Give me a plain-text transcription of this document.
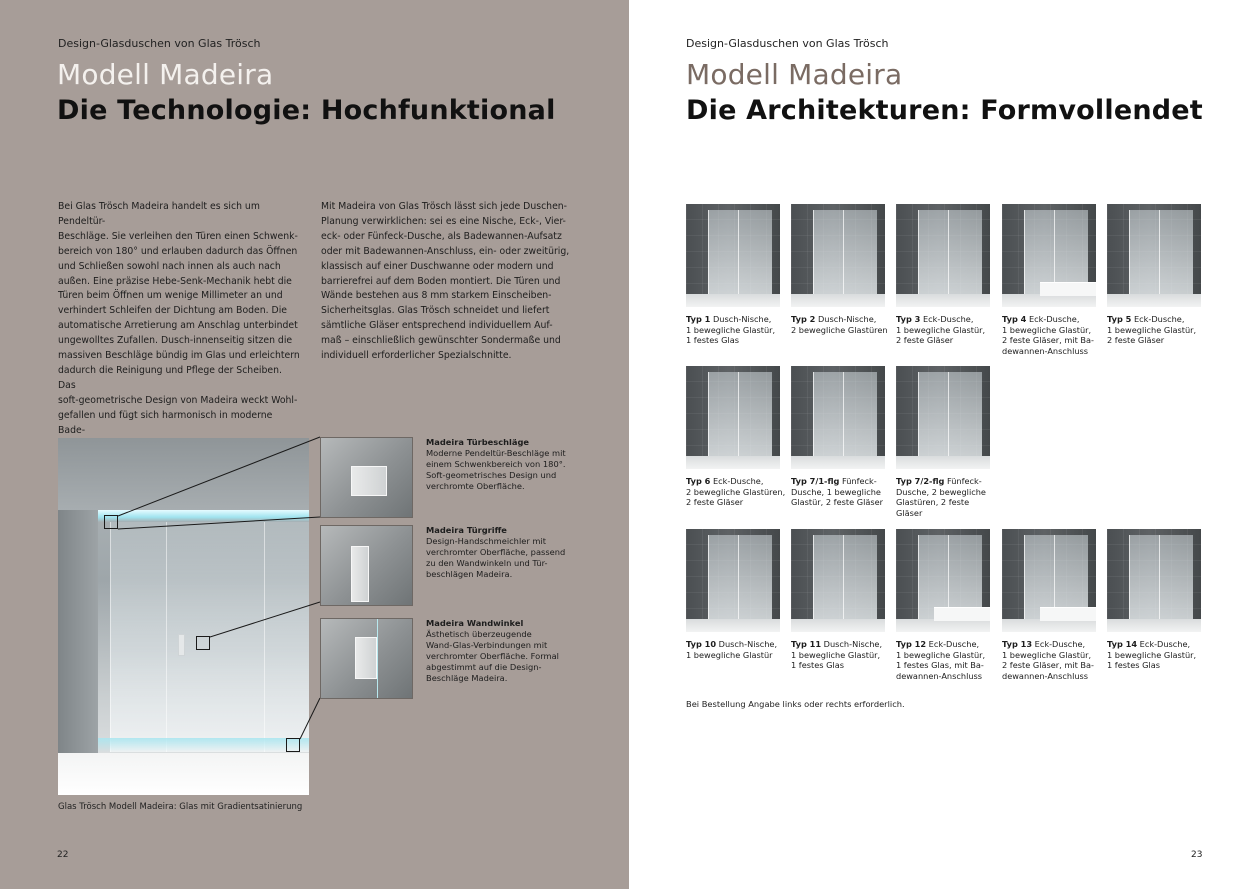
Design-Glasduschen von Glas Trösch
Modell Madeira
Die Technologie: Hochfunktional
Bei Glas Trösch Madeira handelt es sich um Pendeltür-
Beschläge. Sie verleihen den Türen einen Schwenk-
bereich von 180° und erlauben dadurch das Öffnen
und Schließen sowohl nach innen als auch nach
außen. Eine präzise Hebe-Senk-Mechanik hebt die
Türen beim Öffnen um wenige Millimeter an und
verhindert Schleifen der Dichtung am Boden. Die
automatische Arretierung am Anschlag unterbindet
ungewolltes Zufallen. Dusch-innenseitig sitzen die
massiven Beschläge bündig im Glas und erleichtern
dadurch die Reinigung und Pflege der Scheiben. Das
soft-geometrische Design von Madeira weckt Wohl-
gefallen und fügt sich harmonisch in moderne Bade-
Mit Madeira von Glas Trösch lässt sich jede Duschen-
Planung verwirklichen: sei es eine Nische, Eck-, Vier-
eck- oder Fünfeck-Dusche, als Badewannen-Aufsatz
oder mit Badewannen-Anschluss, ein- oder zweitürig,
klassisch auf einer Duschwanne oder modern und
barrierefrei auf dem Boden montiert. Die Türen und
Wände bestehen aus 8 mm starkem Einscheiben-
Sicherheitsglas. Glas Trösch schneidet und liefert
sämtliche Gläser entsprechend individuellem Auf-
maß – einschließlich gewünschter Sondermaße und
individuell erforderlicher Spezialschnitte.
Madeira Türbeschläge
Moderne Pendeltür-Beschläge mit
einem Schwenkbereich von 180°.
Soft-geometrisches Design und
verchromte Oberfläche.
Madeira Türgriffe
Design-Handschmeichler mit
verchromter Oberfläche, passend
zu den Wandwinkeln und Tür-
beschlägen Madeira.
Madeira Wandwinkel
Ästhetisch überzeugende
Wand-Glas-Verbindungen mit
verchromter Oberfläche. Formal
abgestimmt auf die Design-
Beschläge Madeira.
Glas Trösch Modell Madeira: Glas mit Gradientsatinierung
22
Design-Glasduschen von Glas Trösch
Modell Madeira
Die Architekturen: Formvollendet
Typ 1 Dusch-Nische,
1 bewegliche Glastür,
1 festes Glas
Typ 2 Dusch-Nische,
2 bewegliche Glastüren
Typ 3 Eck-Dusche,
1 bewegliche Glastür,
2 feste Gläser
Typ 4 Eck-Dusche,
1 bewegliche Glastür,
2 feste Gläser, mit Ba-
dewannen-Anschluss
Typ 5 Eck-Dusche,
1 bewegliche Glastür,
2 feste Gläser
Typ 6 Eck-Dusche,
2 bewegliche Glastüren,
2 feste Gläser
Typ 7/1-flg Fünfeck-
Dusche, 1 bewegliche
Glastür, 2 feste Gläser
Typ 7/2-flg Fünfeck-
Dusche, 2 bewegliche
Glastüren, 2 feste
Gläser
Typ 10 Dusch-Nische,
1 bewegliche Glastür
Typ 11 Dusch-Nische,
1 bewegliche Glastür,
1 festes Glas
Typ 12 Eck-Dusche,
1 bewegliche Glastür,
1 festes Glas, mit Ba-
dewannen-Anschluss
Typ 13 Eck-Dusche,
1 bewegliche Glastür,
2 feste Gläser, mit Ba-
dewannen-Anschluss
Typ 14 Eck-Dusche,
1 bewegliche Glastür,
1 festes Glas
Bei Bestellung Angabe links oder rechts erforderlich.
23
